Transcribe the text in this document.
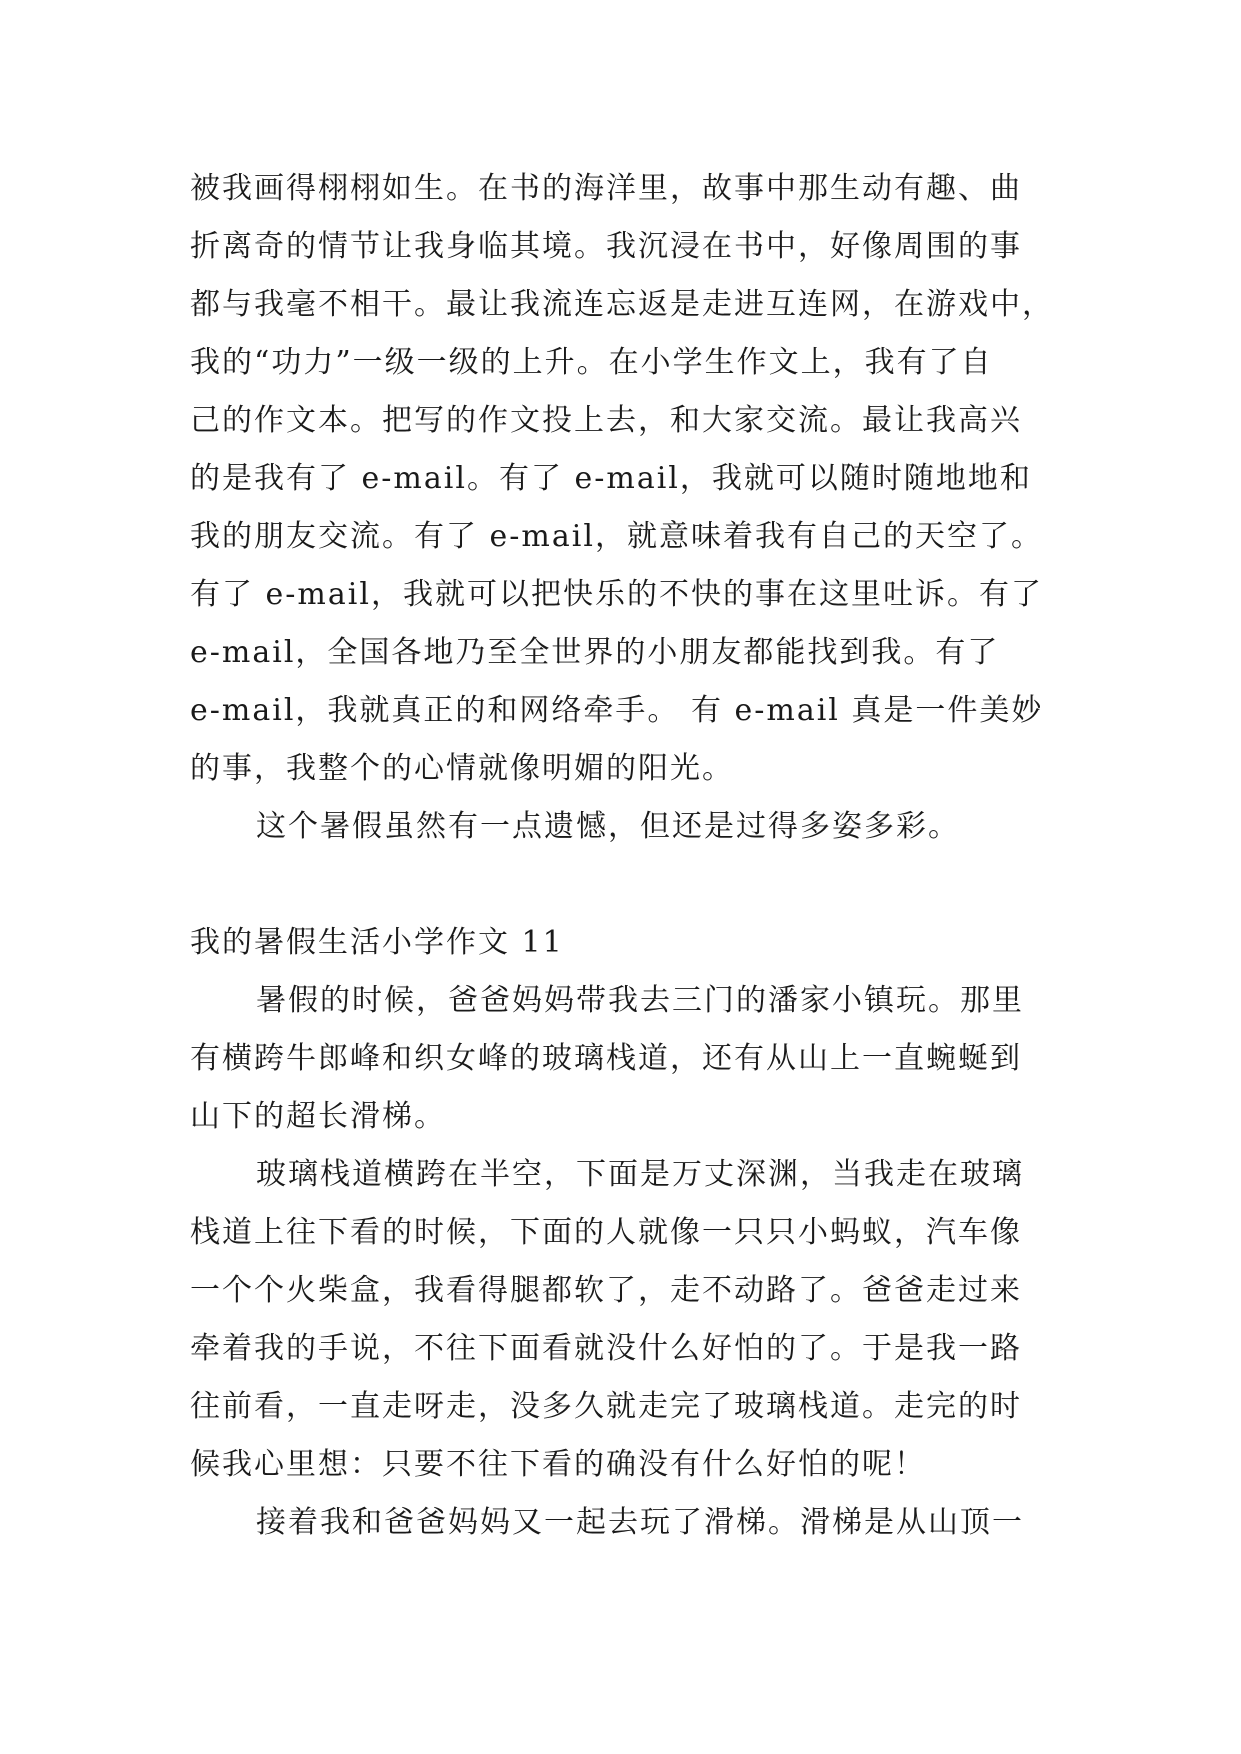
被我画得栩栩如生。在书的海洋里，故事中那生动有趣、曲
折离奇的情节让我身临其境。我沉浸在书中，好像周围的事
都与我毫不相干。最让我流连忘返是走进互连网，在游戏中，
我的“功力”一级一级的上升。在小学生作文上，我有了自
己的作文本。把写的作文投上去，和大家交流。最让我高兴
的是我有了 e-mail。有了 e-mail，我就可以随时随地地和
我的朋友交流。有了 e-mail，就意味着我有自己的天空了。
有了 e-mail，我就可以把快乐的不快的事在这里吐诉。有了
e-mail，全国各地乃至全世界的小朋友都能找到我。有了
e-mail，我就真正的和网络牵手。 有 e-mail 真是一件美妙
的事，我整个的心情就像明媚的阳光。
这个暑假虽然有一点遗憾，但还是过得多姿多彩。
我的暑假生活小学作文 11
暑假的时候，爸爸妈妈带我去三门的潘家小镇玩。那里
有横跨牛郎峰和织女峰的玻璃栈道，还有从山上一直蜿蜒到
山下的超长滑梯。
玻璃栈道横跨在半空，下面是万丈深渊，当我走在玻璃
栈道上往下看的时候，下面的人就像一只只小蚂蚁，汽车像
一个个火柴盒，我看得腿都软了，走不动路了。爸爸走过来
牵着我的手说，不往下面看就没什么好怕的了。于是我一路
往前看，一直走呀走，没多久就走完了玻璃栈道。走完的时
候我心里想：只要不往下看的确没有什么好怕的呢！
接着我和爸爸妈妈又一起去玩了滑梯。滑梯是从山顶一
